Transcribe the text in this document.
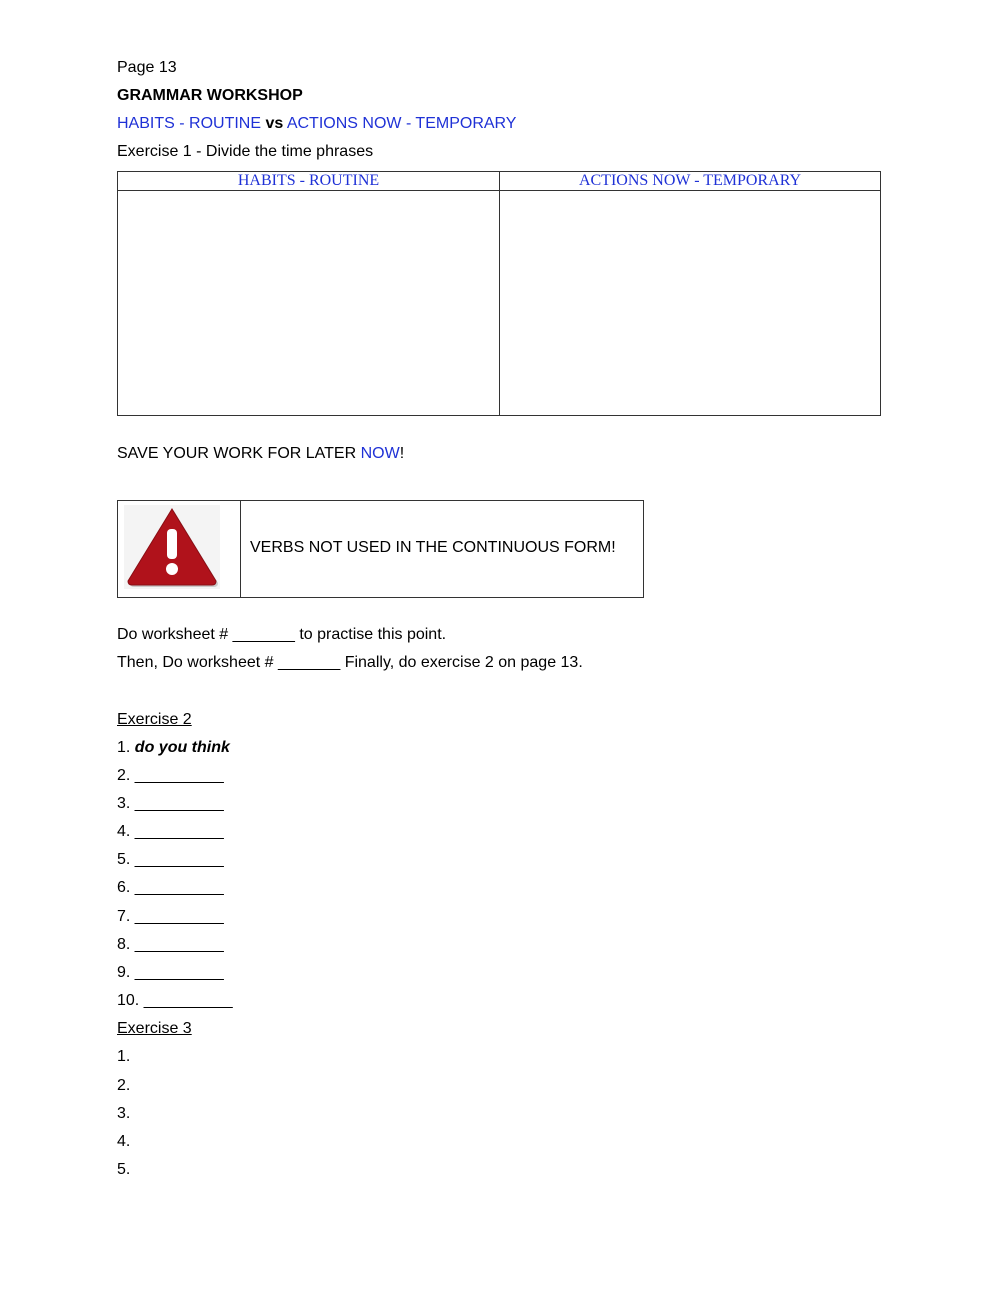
Page 13
GRAMMAR WORKSHOP
HABITS - ROUTINE vs ACTIONS NOW - TEMPORARY
Exercise 1 - Divide the time phrases
HABITS - ROUTINE	ACTIONS NOW - TEMPORARY
SAVE YOUR WORK FOR LATER NOW!
VERBS NOT USED IN THE CONTINUOUS FORM!
Do worksheet # _______ to practise this point.
Then, Do worksheet # _______ Finally, do exercise 2 on page 13.
Exercise 2
1. do you think
2. __________
3. __________
4. __________
5. __________
6. __________
7. __________
8. __________
9. __________
10. __________
Exercise 3
1.
2.
3.
4.
5.
